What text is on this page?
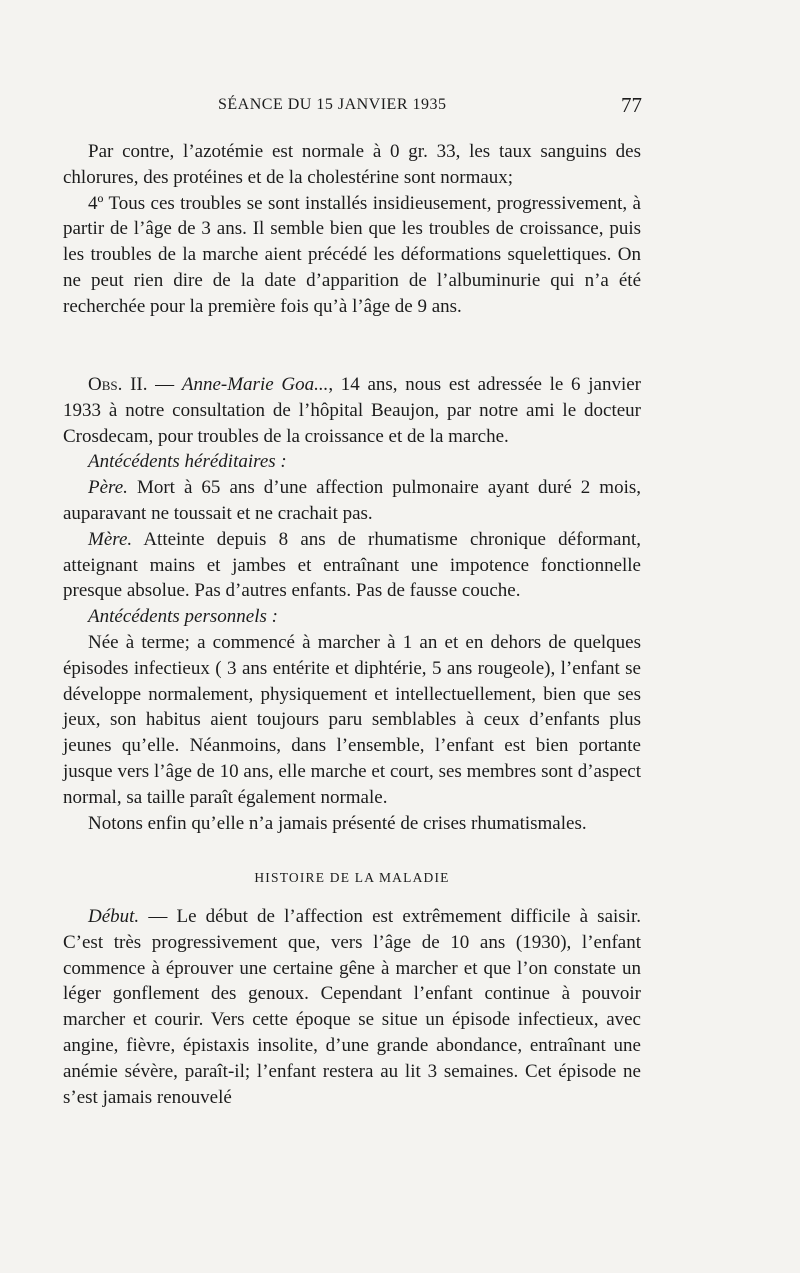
SÉANCE DU 15 JANVIER 1935	77

Par contre, l’azotémie est normale à 0 gr. 33, les taux sanguins des chlorures, des protéines et de la cholestérine sont normaux;

4º Tous ces troubles se sont installés insidieusement, progressivement, à partir de l’âge de 3 ans. Il semble bien que les troubles de croissance, puis les troubles de la marche aient précédé les déformations squelettiques. On ne peut rien dire de la date d’apparition de l’albuminurie qui n’a été recherchée pour la première fois qu’à l’âge de 9 ans.

Obs. II. — Anne-Marie Goa..., 14 ans, nous est adressée le 6 janvier 1933 à notre consultation de l’hôpital Beaujon, par notre ami le docteur Crosdecam, pour troubles de la croissance et de la marche.

Antécédents héréditaires :

Père. Mort à 65 ans d’une affection pulmonaire ayant duré 2 mois, auparavant ne toussait et ne crachait pas.

Mère. Atteinte depuis 8 ans de rhumatisme chronique déformant, atteignant mains et jambes et entraînant une impotence fonctionnelle presque absolue. Pas d’autres enfants. Pas de fausse couche.

Antécédents personnels :

Née à terme; a commencé à marcher à 1 an et en dehors de quelques épisodes infectieux ( 3 ans entérite et diphtérie, 5 ans rougeole), l’enfant se développe normalement, physiquement et intellectuellement, bien que ses jeux, son habitus aient toujours paru semblables à ceux d’enfants plus jeunes qu’elle. Néanmoins, dans l’ensemble, l’enfant est bien portante jusque vers l’âge de 10 ans, elle marche et court, ses membres sont d’aspect normal, sa taille paraît également normale.

Notons enfin qu’elle n’a jamais présenté de crises rhumatismales.

HISTOIRE DE LA MALADIE

Début. — Le début de l’affection est extrêmement difficile à saisir. C’est très progressivement que, vers l’âge de 10 ans (1930), l’enfant commence à éprouver une certaine gêne à marcher et que l’on constate un léger gonflement des genoux. Cependant l’enfant continue à pouvoir marcher et courir. Vers cette époque se situe un épisode infectieux, avec angine, fièvre, épistaxis insolite, d’une grande abondance, entraînant une anémie sévère, paraît-il; l’enfant restera au lit 3 semaines. Cet épisode ne s’est jamais renouvelé
